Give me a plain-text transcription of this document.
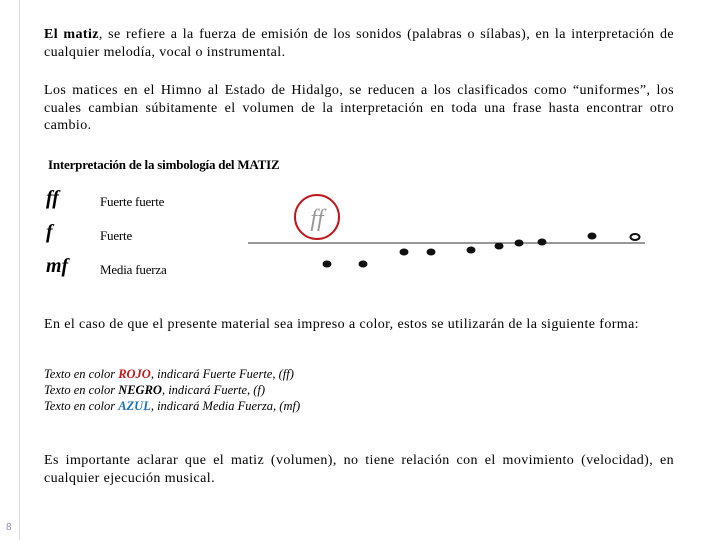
El matiz, se refiere a la fuerza de emisión de los sonidos (palabras o sílabas), en la interpretación de cualquier melodía, vocal o instrumental.
Los matices en el Himno al Estado de Hidalgo, se reducen a los clasificados como “uniformes”, los cuales cambian súbitamente el volumen de la interpretación en toda una frase hasta encontrar otro cambio.
Interpretación de la simbología del MATIZ
ff	Fuerte fuerte
f	Fuerte
mf Media fuerza
ff
En el caso de que el presente material sea impreso a color, estos se utilizarán de la siguiente forma:
Texto en color ROJO, indicará Fuerte Fuerte, (ff)
Texto en color NEGRO, indicará Fuerte, (f)
Texto en color AZUL, indicará Media Fuerza, (mf)
Es importante aclarar que el matiz (volumen), no tiene relación con el movimiento (velocidad), en cualquier ejecución musical.
8
